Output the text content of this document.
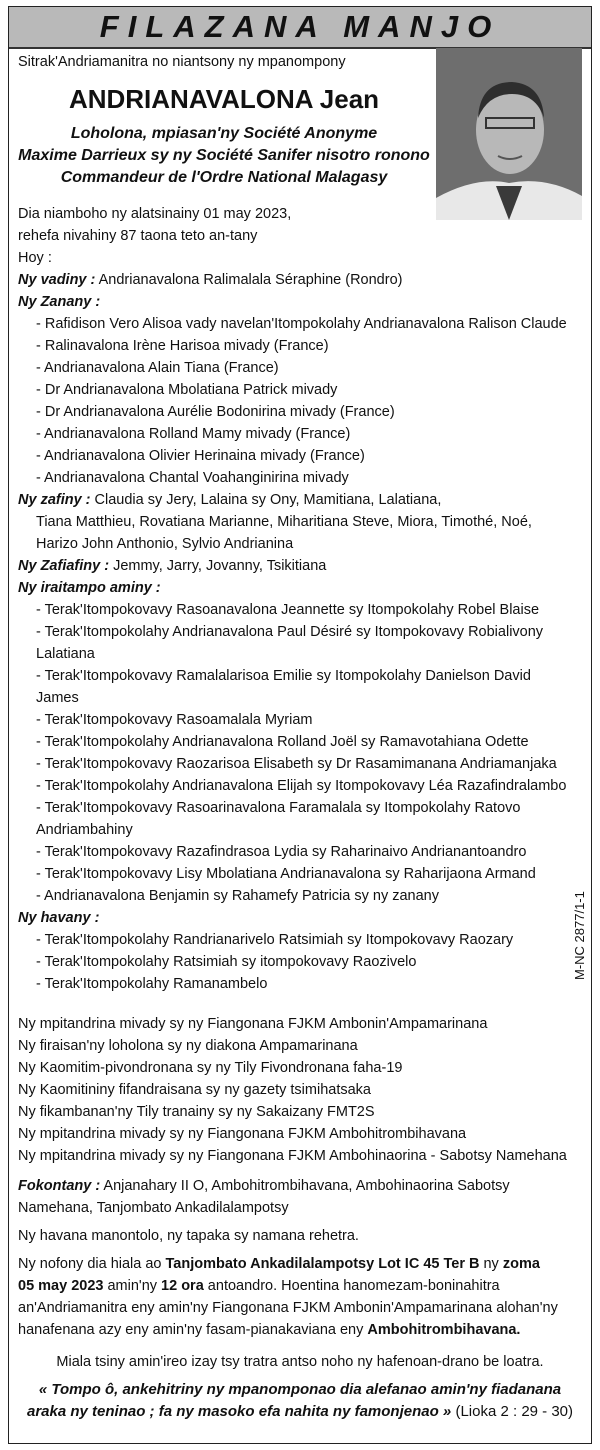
FILAZANA MANJO
M-NC 2877/1-1
Sitrak'Andriamanitra no niantsony ny mpanompony
ANDRIANAVALONA Jean
Loholona, mpiasan'ny Société Anonyme
Maxime Darrieux sy ny Société Sanifer nisotro ronono
Commandeur de l'Ordre National Malagasy
Dia niamboho ny alatsinainy 01 may 2023,
rehefa nivahiny 87 taona teto an-tany
Hoy :
Ny vadiny : Andrianavalona Ralimalala Séraphine (Rondro)
Ny Zanany :
- Rafidison Vero Alisoa vady navelan'Itompokolahy Andrianavalona Ralison Claude
- Ralinavalona Irène Harisoa mivady (France)
- Andrianavalona Alain Tiana (France)
- Dr Andrianavalona Mbolatiana Patrick mivady
- Dr Andrianavalona Aurélie Bodonirina mivady (France)
- Andrianavalona Rolland Mamy mivady (France)
- Andrianavalona Olivier Herinaina mivady (France)
- Andrianavalona Chantal Voahanginirina mivady
Ny zafiny : Claudia sy Jery, Lalaina sy Ony, Mamitiana, Lalatiana,
Tiana Matthieu, Rovatiana Marianne, Miharitiana Steve, Miora, Timothé, Noé,
Harizo John Anthonio, Sylvio Andrianina
Ny Zafiafiny : Jemmy, Jarry, Jovanny, Tsikitiana
Ny iraitampo aminy :
- Terak'Itompokovavy Rasoanavalona Jeannette sy Itompokolahy Robel Blaise
- Terak'Itompokolahy Andrianavalona Paul Désiré sy Itompokovavy Robialivony
Lalatiana
- Terak'Itompokovavy Ramalalarisoa Emilie sy Itompokolahy Danielson David
James
- Terak'Itompokovavy Rasoamalala Myriam
- Terak'Itompokolahy Andrianavalona Rolland Joël sy Ramavotahiana Odette
- Terak'Itompokovavy Raozarisoa Elisabeth sy Dr Rasamimanana Andriamanjaka
- Terak'Itompokolahy Andrianavalona Elijah sy Itompokovavy Léa Razafindralambo
- Terak'Itompokovavy Rasoarinavalona Faramalala sy Itompokolahy Ratovo
Andriambahiny
- Terak'Itompokovavy Razafindrasoa Lydia sy Raharinaivo Andrianantoandro
- Terak'Itompokovavy Lisy Mbolatiana Andrianavalona sy Raharijaona Armand
- Andrianavalona Benjamin sy Rahamefy Patricia sy ny zanany
Ny havany :
- Terak'Itompokolahy Randrianarivelo Ratsimiah sy Itompokovavy Raozary
- Terak'Itompokolahy Ratsimiah sy itompokovavy Raozivelo
- Terak'Itompokolahy Ramanambelo
Ny mpitandrina mivady sy ny Fiangonana FJKM Ambonin'Ampamarinana
Ny firaisan'ny loholona sy ny diakona Ampamarinana
Ny Kaomitim-pivondronana sy ny Tily Fivondronana faha-19
Ny Kaomitininy fifandraisana sy ny gazety tsimihatsaka
Ny fikambanan'ny Tily tranainy sy ny Sakaizany FMT2S
Ny mpitandrina mivady sy ny Fiangonana FJKM Ambohitrombihavana
Ny mpitandrina mivady sy ny Fiangonana FJKM Ambohinaorina - Sabotsy Namehana
Fokontany : Anjanahary II O, Ambohitrombihavana, Ambohinaorina Sabotsy
Namehana, Tanjombato Ankadilalampotsy
Ny havana manontolo, ny tapaka sy namana rehetra.
Ny nofony dia hiala ao Tanjombato Ankadilalampotsy Lot IC 45 Ter B ny zoma
05 may 2023 amin'ny 12 ora antoandro. Hoentina hanomezam-boninahitra
an'Andriamanitra eny amin'ny Fiangonana FJKM Ambonin'Ampamarinana alohan'ny
hanafenana azy eny amin'ny fasam-pianakaviana eny Ambohitrombihavana.
Miala tsiny amin'ireo izay tsy tratra antso noho ny hafenoan-drano be loatra.
« Tompo ô, ankehitriny ny mpanomponao dia alefanao amin'ny fiadanana
araka ny teninao ; fa ny masoko efa nahita ny famonjenao » (Lioka 2 : 29 - 30)
